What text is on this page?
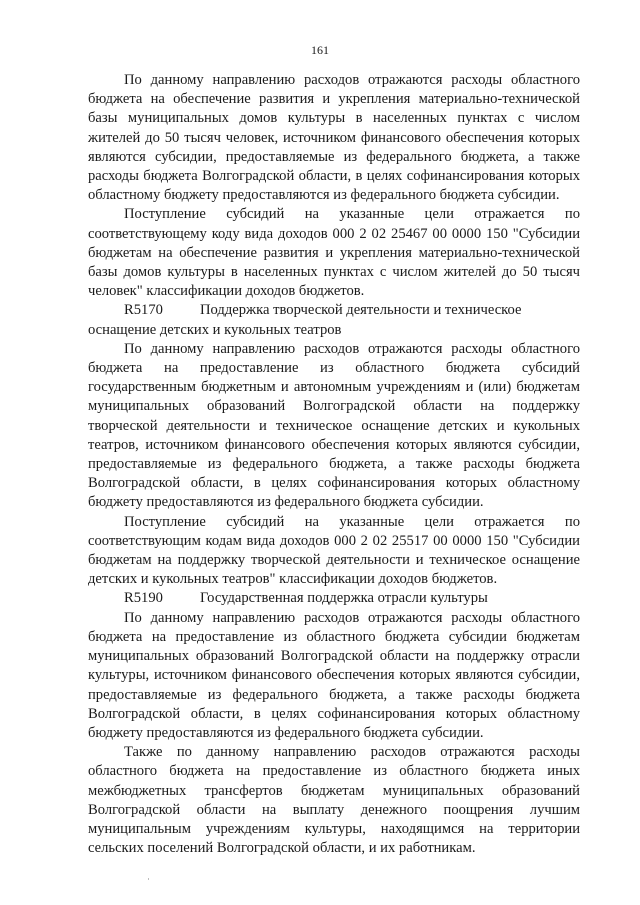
161

По данному направлению расходов отражаются расходы областного бюджета на обеспечение развития и укрепления материально-технической базы муниципальных домов культуры в населенных пунктах с числом жителей до 50 тысяч человек, источником финансового обеспечения которых являются субсидии, предоставляемые из федерального бюджета, а также расходы бюджета Волгоградской области, в целях софинансирования которых областному бюджету предоставляются из федерального бюджета субсидии.

Поступление субсидий на указанные цели отражается по соответствующему коду вида доходов 000 2 02 25467 00 0000 150 "Субсидии бюджетам на обеспечение развития и укрепления материально-технической базы домов культуры в населенных пунктах с числом жителей до 50 тысяч человек" классификации доходов бюджетов.

R5170	Поддержка творческой деятельности и техническое
оснащение детских и кукольных театров

По данному направлению расходов отражаются расходы областного бюджета на предоставление из областного бюджета субсидий государственным бюджетным и автономным учреждениям и (или) бюджетам муниципальных образований Волгоградской области на поддержку творческой деятельности и техническое оснащение детских и кукольных театров, источником финансового обеспечения которых являются субсидии, предоставляемые из федерального бюджета, а также расходы бюджета Волгоградской области, в целях софинансирования которых областному бюджету предоставляются из федерального бюджета субсидии.

Поступление субсидий на указанные цели отражается по соответствующим кодам вида доходов 000 2 02 25517 00 0000 150 "Субсидии бюджетам на поддержку творческой деятельности и техническое оснащение детских и кукольных театров" классификации доходов бюджетов.

R5190	Государственная поддержка отрасли культуры

По данному направлению расходов отражаются расходы областного бюджета на предоставление из областного бюджета субсидии бюджетам муниципальных образований Волгоградской области на поддержку отрасли культуры, источником финансового обеспечения которых являются субсидии, предоставляемые из федерального бюджета, а также расходы бюджета Волгоградской области, в целях софинансирования которых областному бюджету предоставляются из федерального бюджета субсидии.

Также по данному направлению расходов отражаются расходы областного бюджета на предоставление из областного бюджета иных межбюджетных трансфертов бюджетам муниципальных образований Волгоградской области на выплату денежного поощрения лучшим муниципальным учреждениям культуры, находящимся на территории сельских поселений Волгоградской области, и их работникам.
